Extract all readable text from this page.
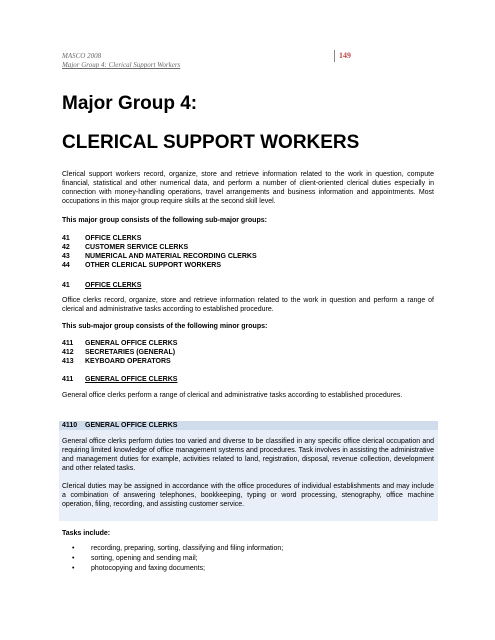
MASCO 2008
Major Group 4: Clerical Support Workers
149
Major Group 4:
CLERICAL SUPPORT WORKERS
Clerical support workers record, organize, store and retrieve information related to the work in question, compute financial, statistical and other numerical data, and perform a number of client-oriented clerical duties especially in connection with money-handling operations, travel arrangements and business information and appointments. Most occupations in this major group require skills at the second skill level.
This major group consists of the following sub-major groups:
41	OFFICE CLERKS
42	CUSTOMER SERVICE CLERKS
43	NUMERICAL AND MATERIAL RECORDING CLERKS
44	OTHER CLERICAL SUPPORT WORKERS
41	OFFICE CLERKS
Office clerks record, organize, store and retrieve information related to the work in question and perform a range of clerical and administrative tasks according to established procedure.
This sub-major group consists of the following minor groups:
411	GENERAL OFFICE CLERKS
412	SECRETARIES (GENERAL)
413	KEYBOARD OPERATORS
411	GENERAL OFFICE CLERKS
General office clerks perform a range of clerical and administrative tasks according to established procedures.
4110	GENERAL OFFICE CLERKS
General office clerks perform duties too varied and diverse to be classified in any specific office clerical occupation and requiring limited knowledge of office management systems and procedures. Task involves in assisting the administrative and management duties for example, activities related to land, registration, disposal, revenue collection, development and other related tasks.
Clerical duties may be assigned in accordance with the office procedures of individual establishments and may include a combination of answering telephones, bookkeeping, typing or word processing, stenography, office machine operation, filing, recording, and assisting customer service.
Tasks include:
• recording, preparing, sorting, classifying and filing information;
• sorting, opening and sending mail;
• photocopying and faxing documents;
